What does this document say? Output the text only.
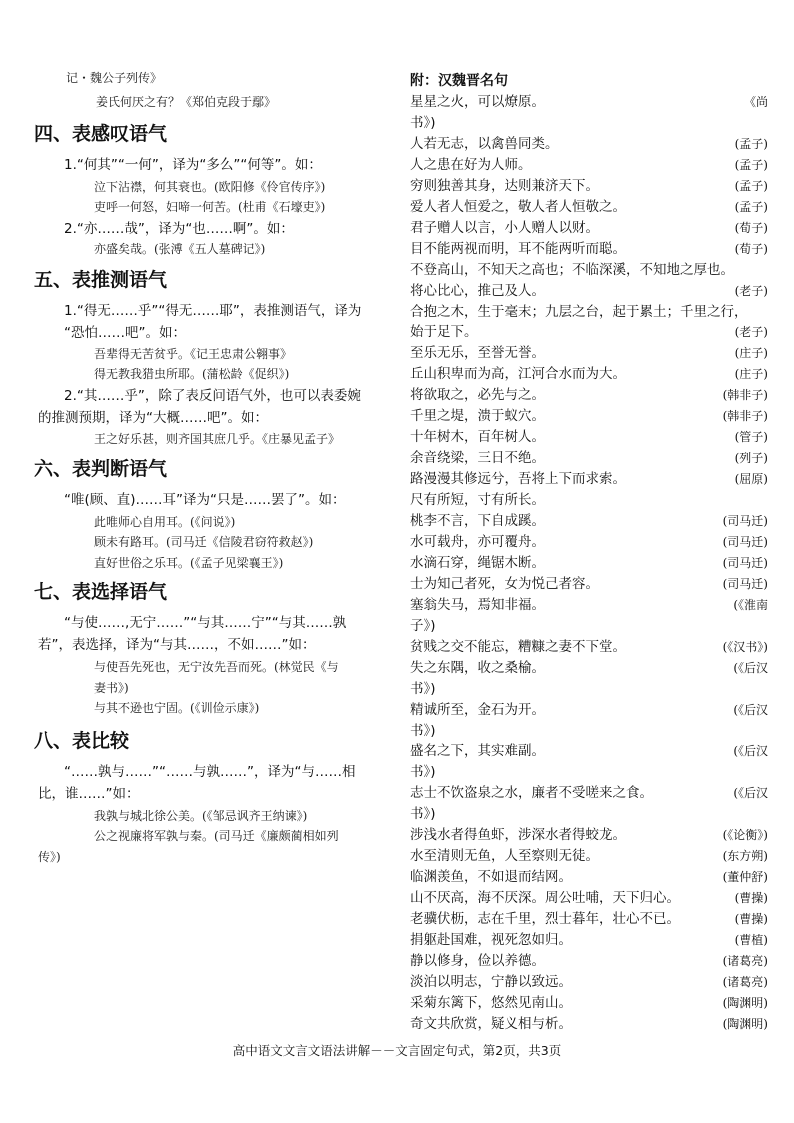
记・魏公子列传》
姜氏何厌之有？《郑伯克段于鄢》
四、表感叹语气
1.“何其”“一何”，译为“多么”“何等”。如：
泣下沾襟，何其衰也。(欧阳修《伶官传序》)
吏呼一何怒，妇啼一何苦。(杜甫《石壕吏》)
2.“亦……哉”，译为“也……啊”。如：
亦盛矣哉。(张溥《五人墓碑记》)
五、表推测语气
1.“得无……乎”“得无……耶”，表推测语气，译为
“恐怕……吧”。如：
吾辈得无苦贫乎。《记王忠肃公翱事》
得无教我猎虫所耶。(蒲松龄《促织》)
2.“其……乎”，除了表反问语气外，也可以表委婉
的推测预期，译为“大概……吧”。如：
王之好乐甚，则齐国其庶几乎。《庄暴见孟子》
六、表判断语气
“唯(顾、直)……耳”译为“只是……罢了”。如：
此唯师心自用耳。(《问说》)
顾未有路耳。(司马迁《信陵君窃符救赵》)
直好世俗之乐耳。(《孟子见梁襄王》)
七、表选择语气
“与使……,无宁……”“与其……宁”“与其……孰
若”，表选择，译为“与其……，不如……”如：
与使吾先死也，无宁汝先吾而死。(林觉民《与
妻书》)
与其不逊也宁固。(《训俭示康》)
八、表比较
“……孰与……”“……与孰……”，译为“与……相
比，谁……”如：
我孰与城北徐公美。(《邹忌讽齐王纳谏》)
公之视廉将军孰与秦。(司马迁《廉颇蔺相如列
传》)
附：汉魏晋名句
星星之火，可以燎原。	《尚
书》)
人若无志，以禽兽同类。	(孟子)
人之患在好为人师。	(孟子)
穷则独善其身，达则兼济天下。	(孟子)
爱人者人恒爱之，敬人者人恒敬之。	(孟子)
君子赠人以言，小人赠人以财。	(荀子)
目不能两视而明，耳不能两听而聪。	(荀子)
不登高山，不知天之高也；不临深溪，不知地之厚也。
将心比心，推己及人。	(老子)
合抱之木，生于毫末；九层之台，起于累土；千里之行，
始于足下。	(老子)
至乐无乐，至誉无誉。	(庄子)
丘山积卑而为高，江河合水而为大。	(庄子)
将欲取之，必先与之。	(韩非子)
千里之堤，溃于蚁穴。	(韩非子)
十年树木，百年树人。	(管子)
余音绕梁，三日不绝。	(列子)
路漫漫其修远兮，吾将上下而求索。	(屈原)
尺有所短，寸有所长。
桃李不言，下自成蹊。	(司马迁)
水可载舟，亦可覆舟。	(司马迁)
水滴石穿，绳锯木断。	(司马迁)
士为知己者死，女为悦己者容。	(司马迁)
塞翁失马，焉知非福。	(《淮南
子》)
贫贱之交不能忘，糟糠之妻不下堂。	(《汉书》)
失之东隅，收之桑榆。	(《后汉
书》)
精诚所至，金石为开。	(《后汉
书》)
盛名之下，其实难副。	(《后汉
书》)
志士不饮盗泉之水，廉者不受嗟来之食。	(《后汉
书》)
涉浅水者得鱼虾，涉深水者得蛟龙。	(《论衡》)
水至清则无鱼，人至察则无徒。	(东方朔)
临渊羡鱼，不如退而结网。	(董仲舒)
山不厌高，海不厌深。周公吐哺，天下归心。	(曹操)
老骥伏枥，志在千里，烈士暮年，壮心不已。	(曹操)
捐躯赴国难，视死忽如归。	(曹植)
静以修身，俭以养德。	(诸葛亮)
淡泊以明志，宁静以致远。	(诸葛亮)
采菊东篱下，悠然见南山。	(陶渊明)
奇文共欣赏，疑义相与析。	(陶渊明)
高中语文文言文语法讲解－－文言固定句式，第2页，共3页
